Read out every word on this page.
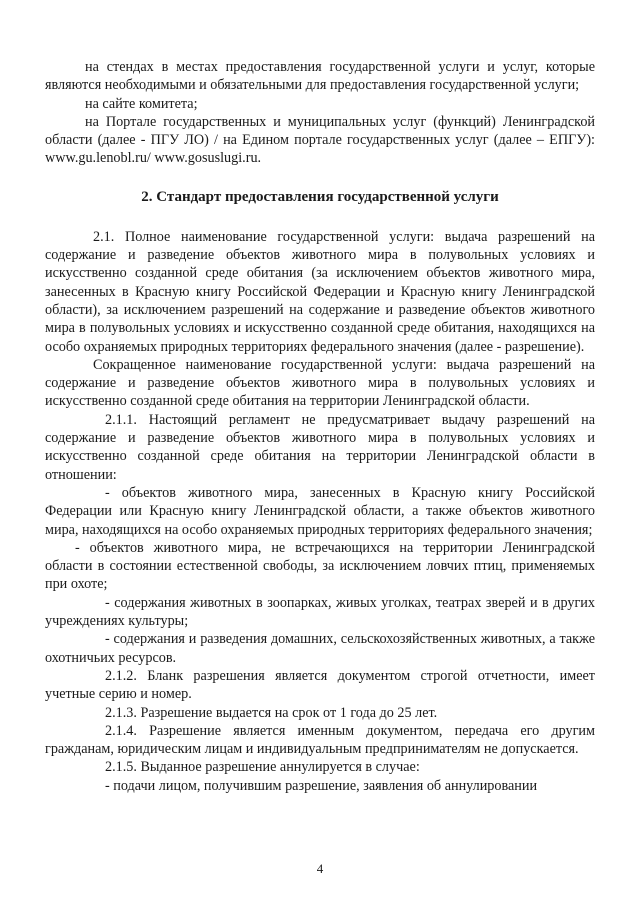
на стендах в местах предоставления государственной услуги и услуг, которые являются необходимыми и обязательными для предоставления государственной услуги;

на сайте комитета;

на Портале государственных и муниципальных услуг (функций) Ленинградской области (далее - ПГУ ЛО) / на Едином портале государственных услуг (далее – ЕПГУ): www.gu.lenobl.ru/ www.gosuslugi.ru.

2. Стандарт предоставления государственной услуги

2.1. Полное наименование государственной услуги: выдача разрешений на содержание и разведение объектов животного мира в полувольных условиях и искусственно созданной среде обитания (за исключением объектов животного мира, занесенных в Красную книгу Российской Федерации и Красную книгу Ленинградской области), за исключением разрешений на содержание и разведение объектов животного мира в полувольных условиях и искусственно созданной среде обитания, находящихся на особо охраняемых природных территориях федерального значения (далее - разрешение).

Сокращенное наименование государственной услуги: выдача разрешений на содержание и разведение объектов животного мира в полувольных условиях и искусственно созданной среде обитания на территории Ленинградской области.

2.1.1. Настоящий регламент не предусматривает выдачу разрешений на содержание и разведение объектов животного мира в полувольных условиях и искусственно созданной среде обитания на территории Ленинградской области в отношении:

- объектов животного мира, занесенных в Красную книгу Российской Федерации или Красную книгу Ленинградской области, а также объектов животного мира, находящихся на особо охраняемых природных территориях федерального значения;

- объектов животного мира, не встречающихся на территории Ленинградской области в состоянии естественной свободы, за исключением ловчих птиц, применяемых при охоте;

- содержания животных в зоопарках, живых уголках, театрах зверей и в других учреждениях культуры;

- содержания и разведения домашних, сельскохозяйственных животных, а также охотничьих ресурсов.

2.1.2. Бланк разрешения является документом строгой отчетности, имеет учетные серию и номер.

2.1.3. Разрешение выдается на срок от 1 года до 25 лет.

2.1.4. Разрешение является именным документом, передача его другим гражданам, юридическим лицам и индивидуальным предпринимателям не допускается.

2.1.5. Выданное разрешение аннулируется в случае:

- подачи лицом, получившим разрешение, заявления об аннулировании

4
